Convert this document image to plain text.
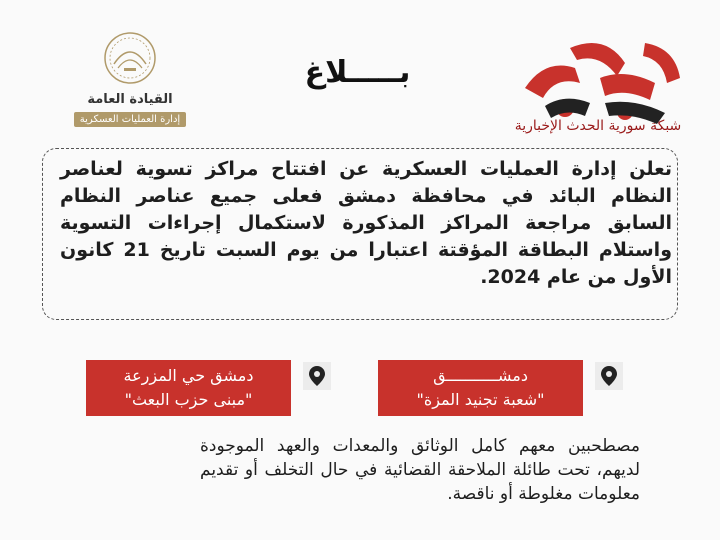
القيادة العامة
إدارة العمليات العسكرية
بـــــلاغ
شبكة سورية الحدث الإخبارية
تعلن إدارة العمليات العسكرية عن افتتاح مراكز تسوية لعناصر النظام البائد في محافظة دمشق فعلى جميع عناصر النظام السابق مراجعة المراكز المذكورة لاستكمال إجراءات التسوية واستلام البطاقة المؤقتة اعتبارا من يوم السبت تاريخ 21 كانون الأول من عام 2024.
دمشـــــــــــق
"شعبة تجنيد المزة"
دمشق حي المزرعة
"مبنى حزب البعث"
مصطحبين معهم كامل الوثائق والمعدات والعهد الموجودة لديهم، تحت طائلة الملاحقة القضائية في حال التخلف أو تقديم معلومات مغلوطة أو ناقصة.
